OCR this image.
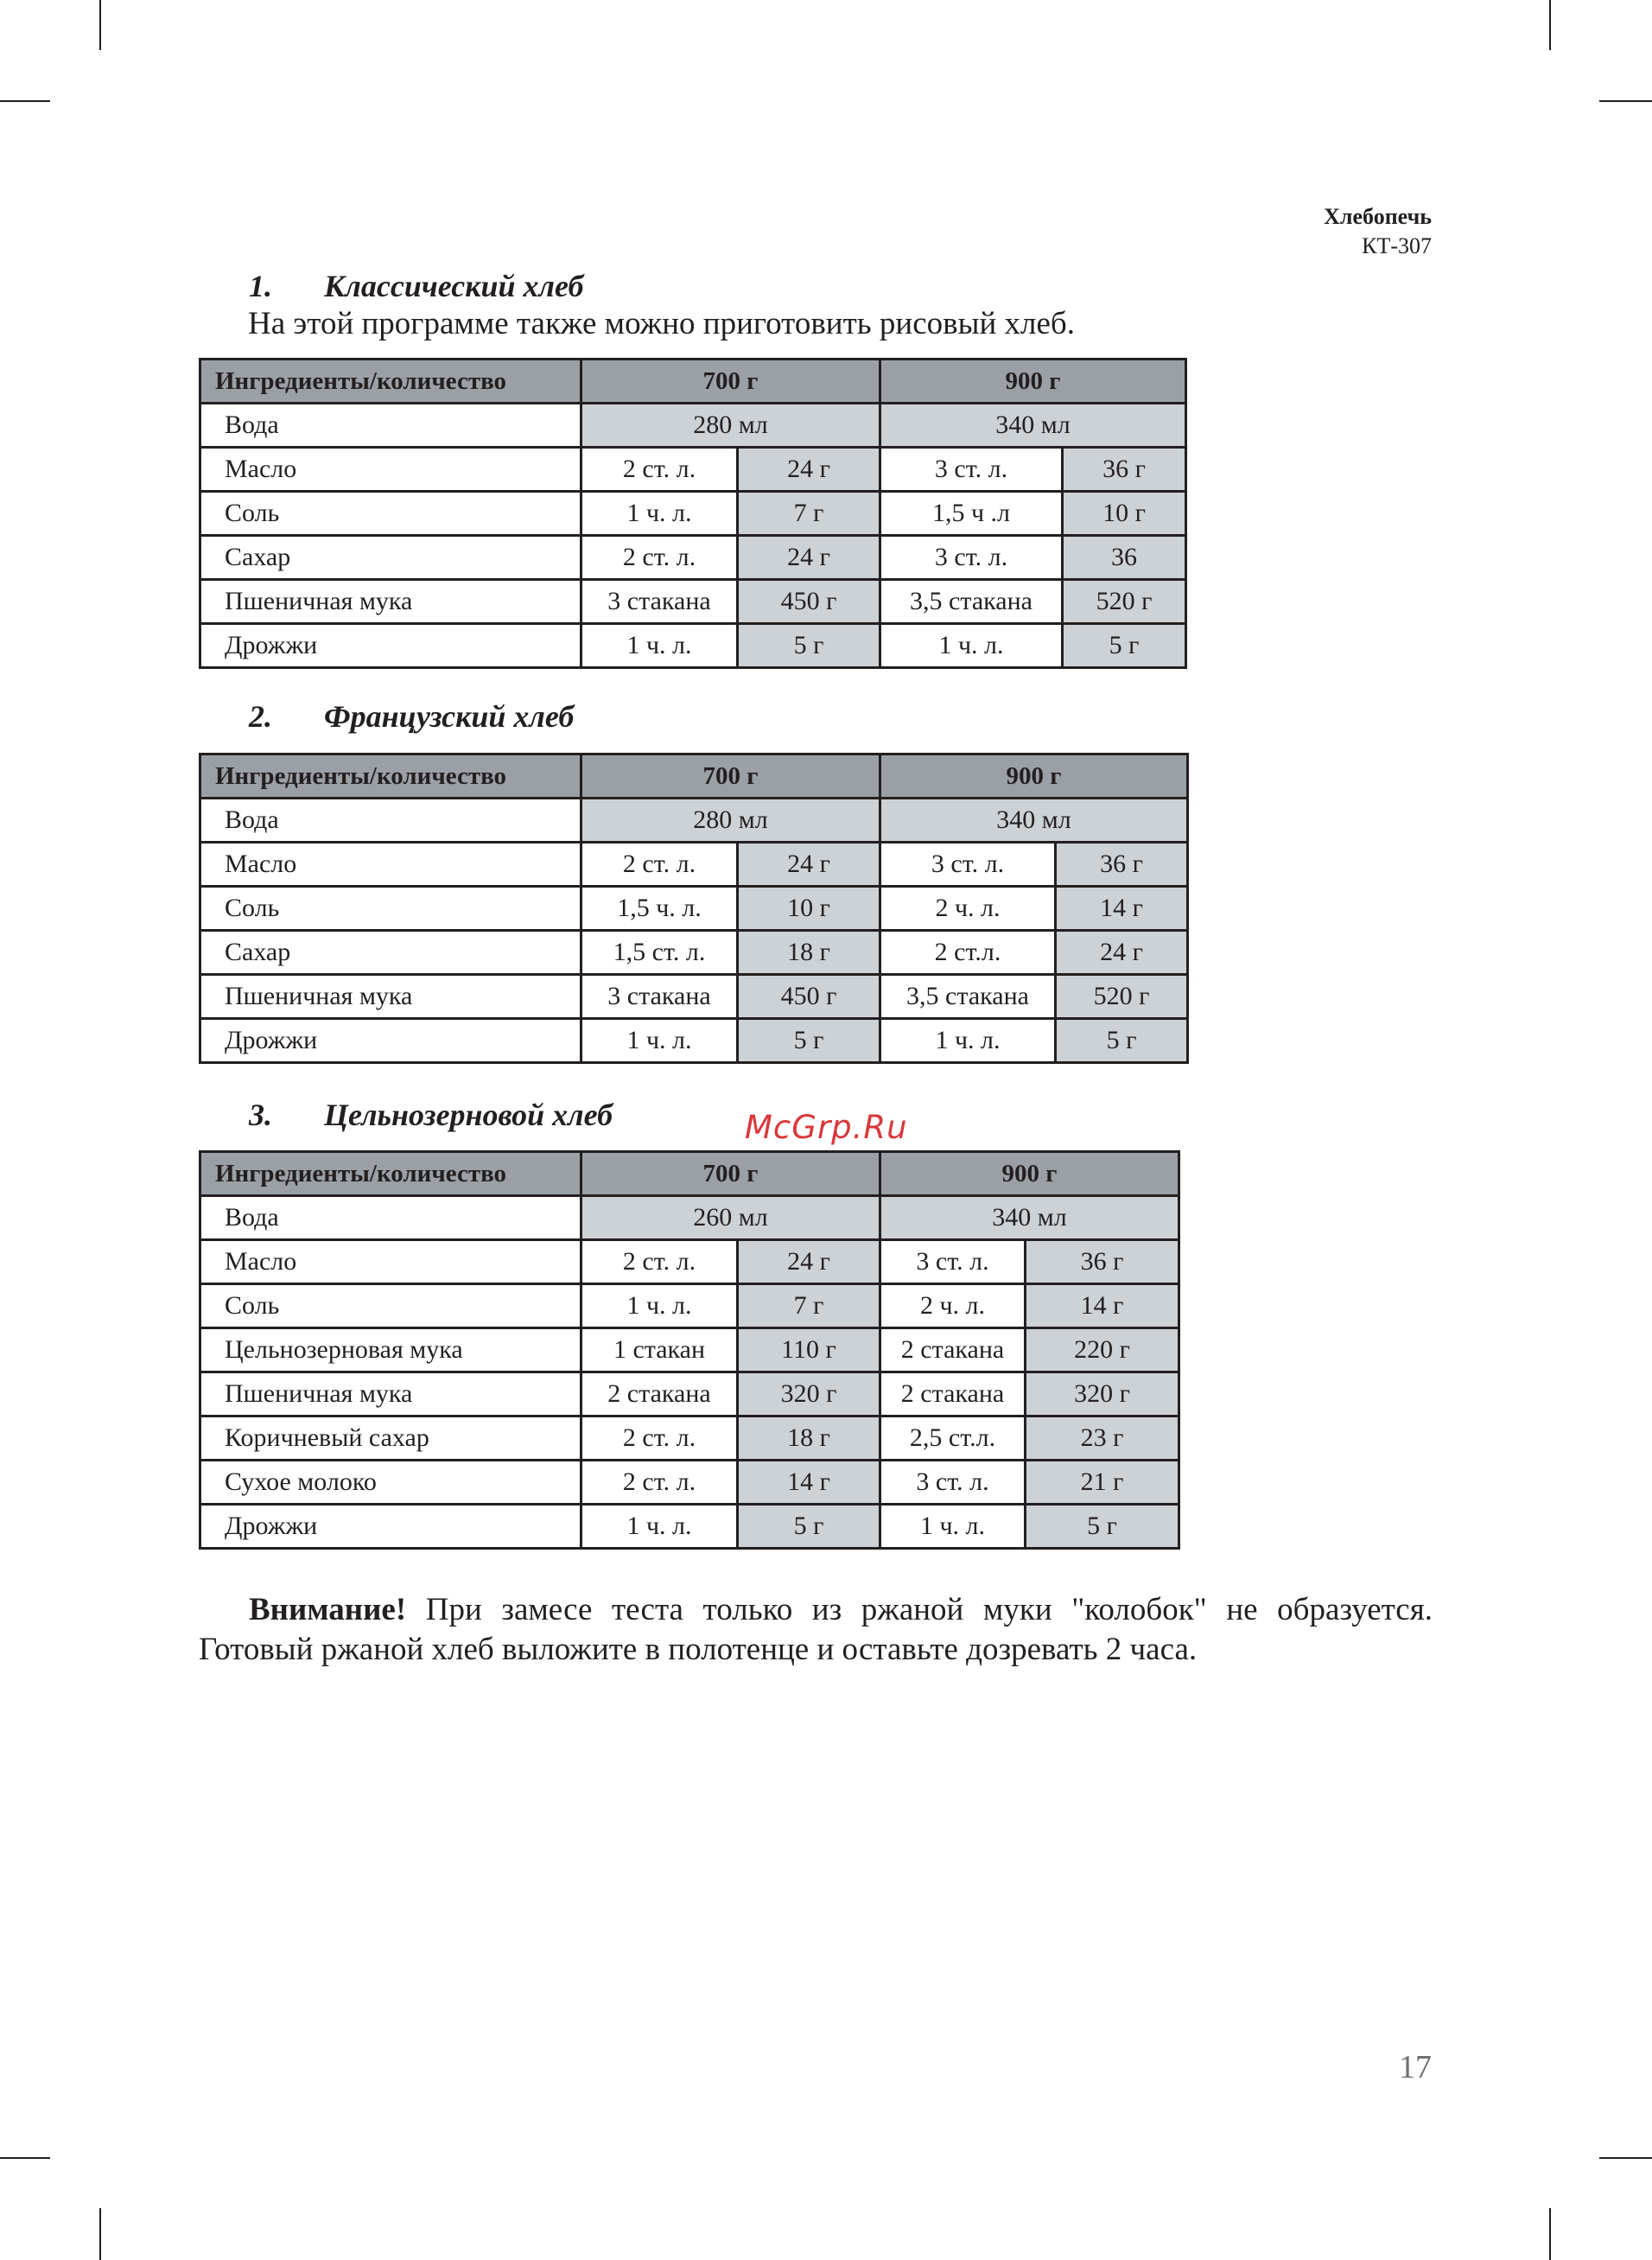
Хлебопечь
КТ-307
1. Классический хлеб
На этой программе также можно приготовить рисовый хлеб.
Ингредиенты/количество	700 г		900 г	
Вода	280 мл		340 мл	
Масло	2 ст. л.	24 г	3 ст. л.	36 г
Соль	1 ч. л.	7 г	1,5 ч .л	10 г
Сахар	2 ст. л.	24 г	3 ст. л.	36
Пшеничная мука	3 стакана	450 г	3,5 стакана	520 г
Дрожжи	1 ч. л.	5 г	1 ч. л.	5 г
2. Французский хлеб
Ингредиенты/количество	700 г		900 г	
Вода	280 мл		340 мл	
Масло	2 ст. л.	24 г	3 ст. л.	36 г
Соль	1,5 ч. л.	10 г	2 ч. л.	14 г
Сахар	1,5 ст. л.	18 г	2 ст.л.	24 г
Пшеничная мука	3 стакана	450 г	3,5 стакана	520 г
Дрожжи	1 ч. л.	5 г	1 ч. л.	5 г
3. Цельнозерновой хлеб	McGrp.Ru
Ингредиенты/количество	700 г		900 г	
Вода	260 мл		340 мл	
Масло	2 ст. л.	24 г	3 ст. л.	36 г
Соль	1 ч. л.	7 г	2 ч. л.	14 г
Цельнозерновая мука	1 стакан	110 г	2 стакана	220 г
Пшеничная мука	2 стакана	320 г	2 стакана	320 г
Коричневый сахар	2 ст. л.	18 г	2,5 ст.л.	23 г
Сухое молоко	2 ст. л.	14 г	3 ст. л.	21 г
Дрожжи	1 ч. л.	5 г	1 ч. л.	5 г
Внимание! При замесе теста только из ржаной муки "колобок" не образуется. Готовый ржаной хлеб выложите в полотенце и оставьте дозревать 2 часа.
17
